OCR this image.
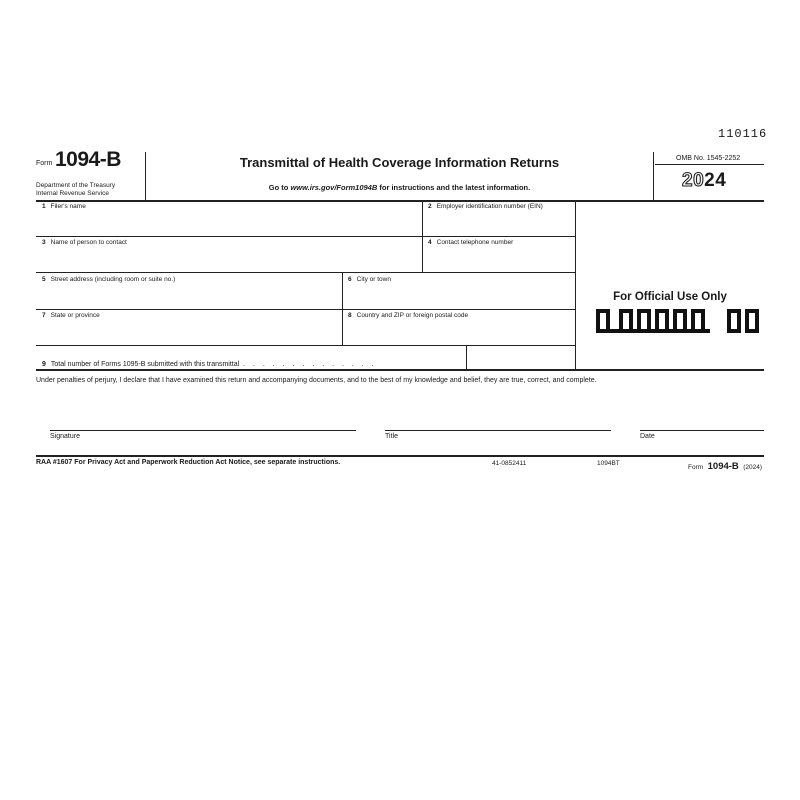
110116
Form 1094-B
Department of the Treasury
Internal Revenue Service
Transmittal of Health Coverage Information Returns
Go to www.irs.gov/Form1094B for instructions and the latest information.
OMB No. 1545-2252
2024
1 Filer's name	2 Employer identification number (EIN)
3 Name of person to contact	4 Contact telephone number
5 Street address (including room or suite no.)	6 City or town
7 State or province	8 Country and ZIP or foreign postal code
9 Total number of Forms 1095-B submitted with this transmittal . . . . . . . . . . . . . .
For Official Use Only
Under penalties of perjury, I declare that I have examined this return and accompanying documents, and to the best of my knowledge and belief, they are true, correct, and complete.
Signature	Title	Date
RAA #1607 For Privacy Act and Paperwork Reduction Act Notice, see separate instructions.	41-0852411	1094BT
Form 1094-B (2024)
